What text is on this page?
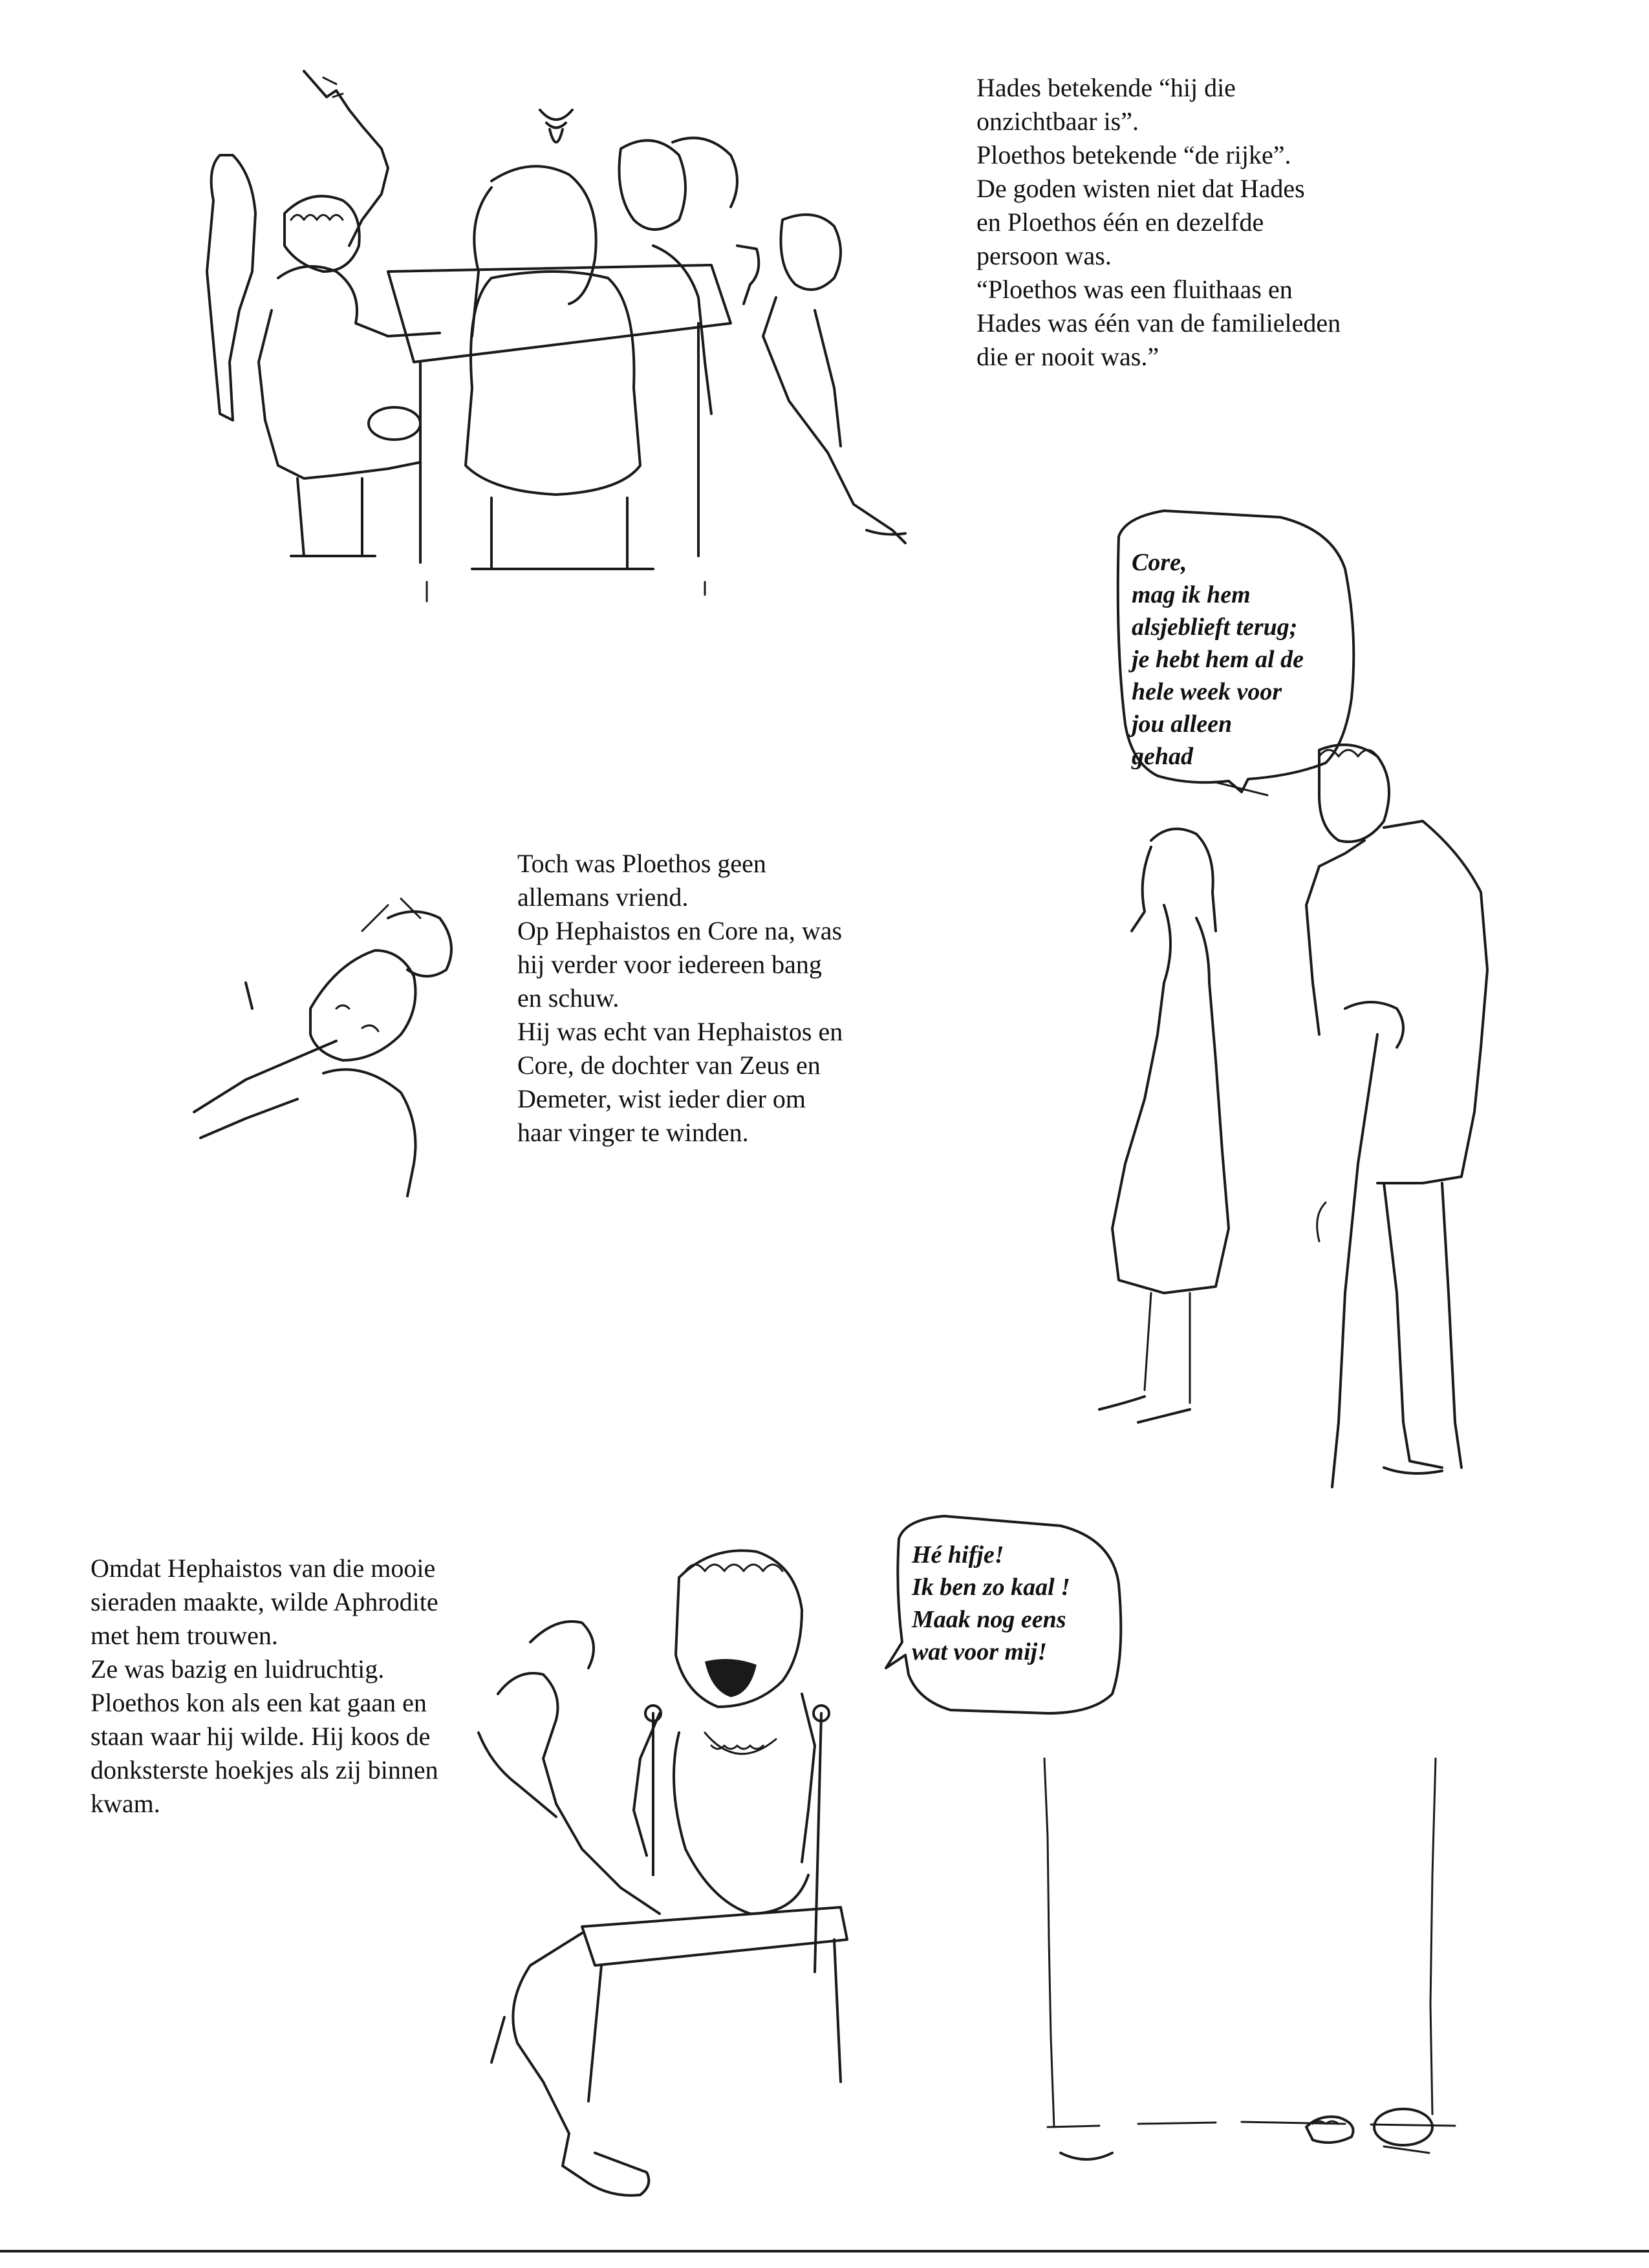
Hades betekende “hij die

onzichtbaar is”.

Ploethos betekende “de rijke”.

De goden wisten niet dat Hades

en Ploethos één en dezelfde

persoon was.

“Ploethos was een fluithaas en

Hades was één van de familieleden

die er nooit was.”

Toch was Ploethos geen

allemans vriend.

Op Hephaistos en Core na, was

hij verder voor iedereen bang

en schuw.

Hij was echt van Hephaistos en

Core, de dochter van Zeus en

Demeter, wist ieder dier om

haar vinger te winden.

Omdat Hephaistos van die mooie

sieraden maakte, wilde Aphrodite

met hem trouwen.

Ze was bazig en luidruchtig.

Ploethos kon als een kat gaan en

staan waar hij wilde. Hij koos de

donksterste hoekjes als zij binnen

kwam.

Core,

mag ik hem

alsjeblieft terug;

je hebt hem al de

hele week voor

jou alleen

gehad

Hé hifje!

Ik ben zo kaal !

Maak nog eens

wat voor mij!
